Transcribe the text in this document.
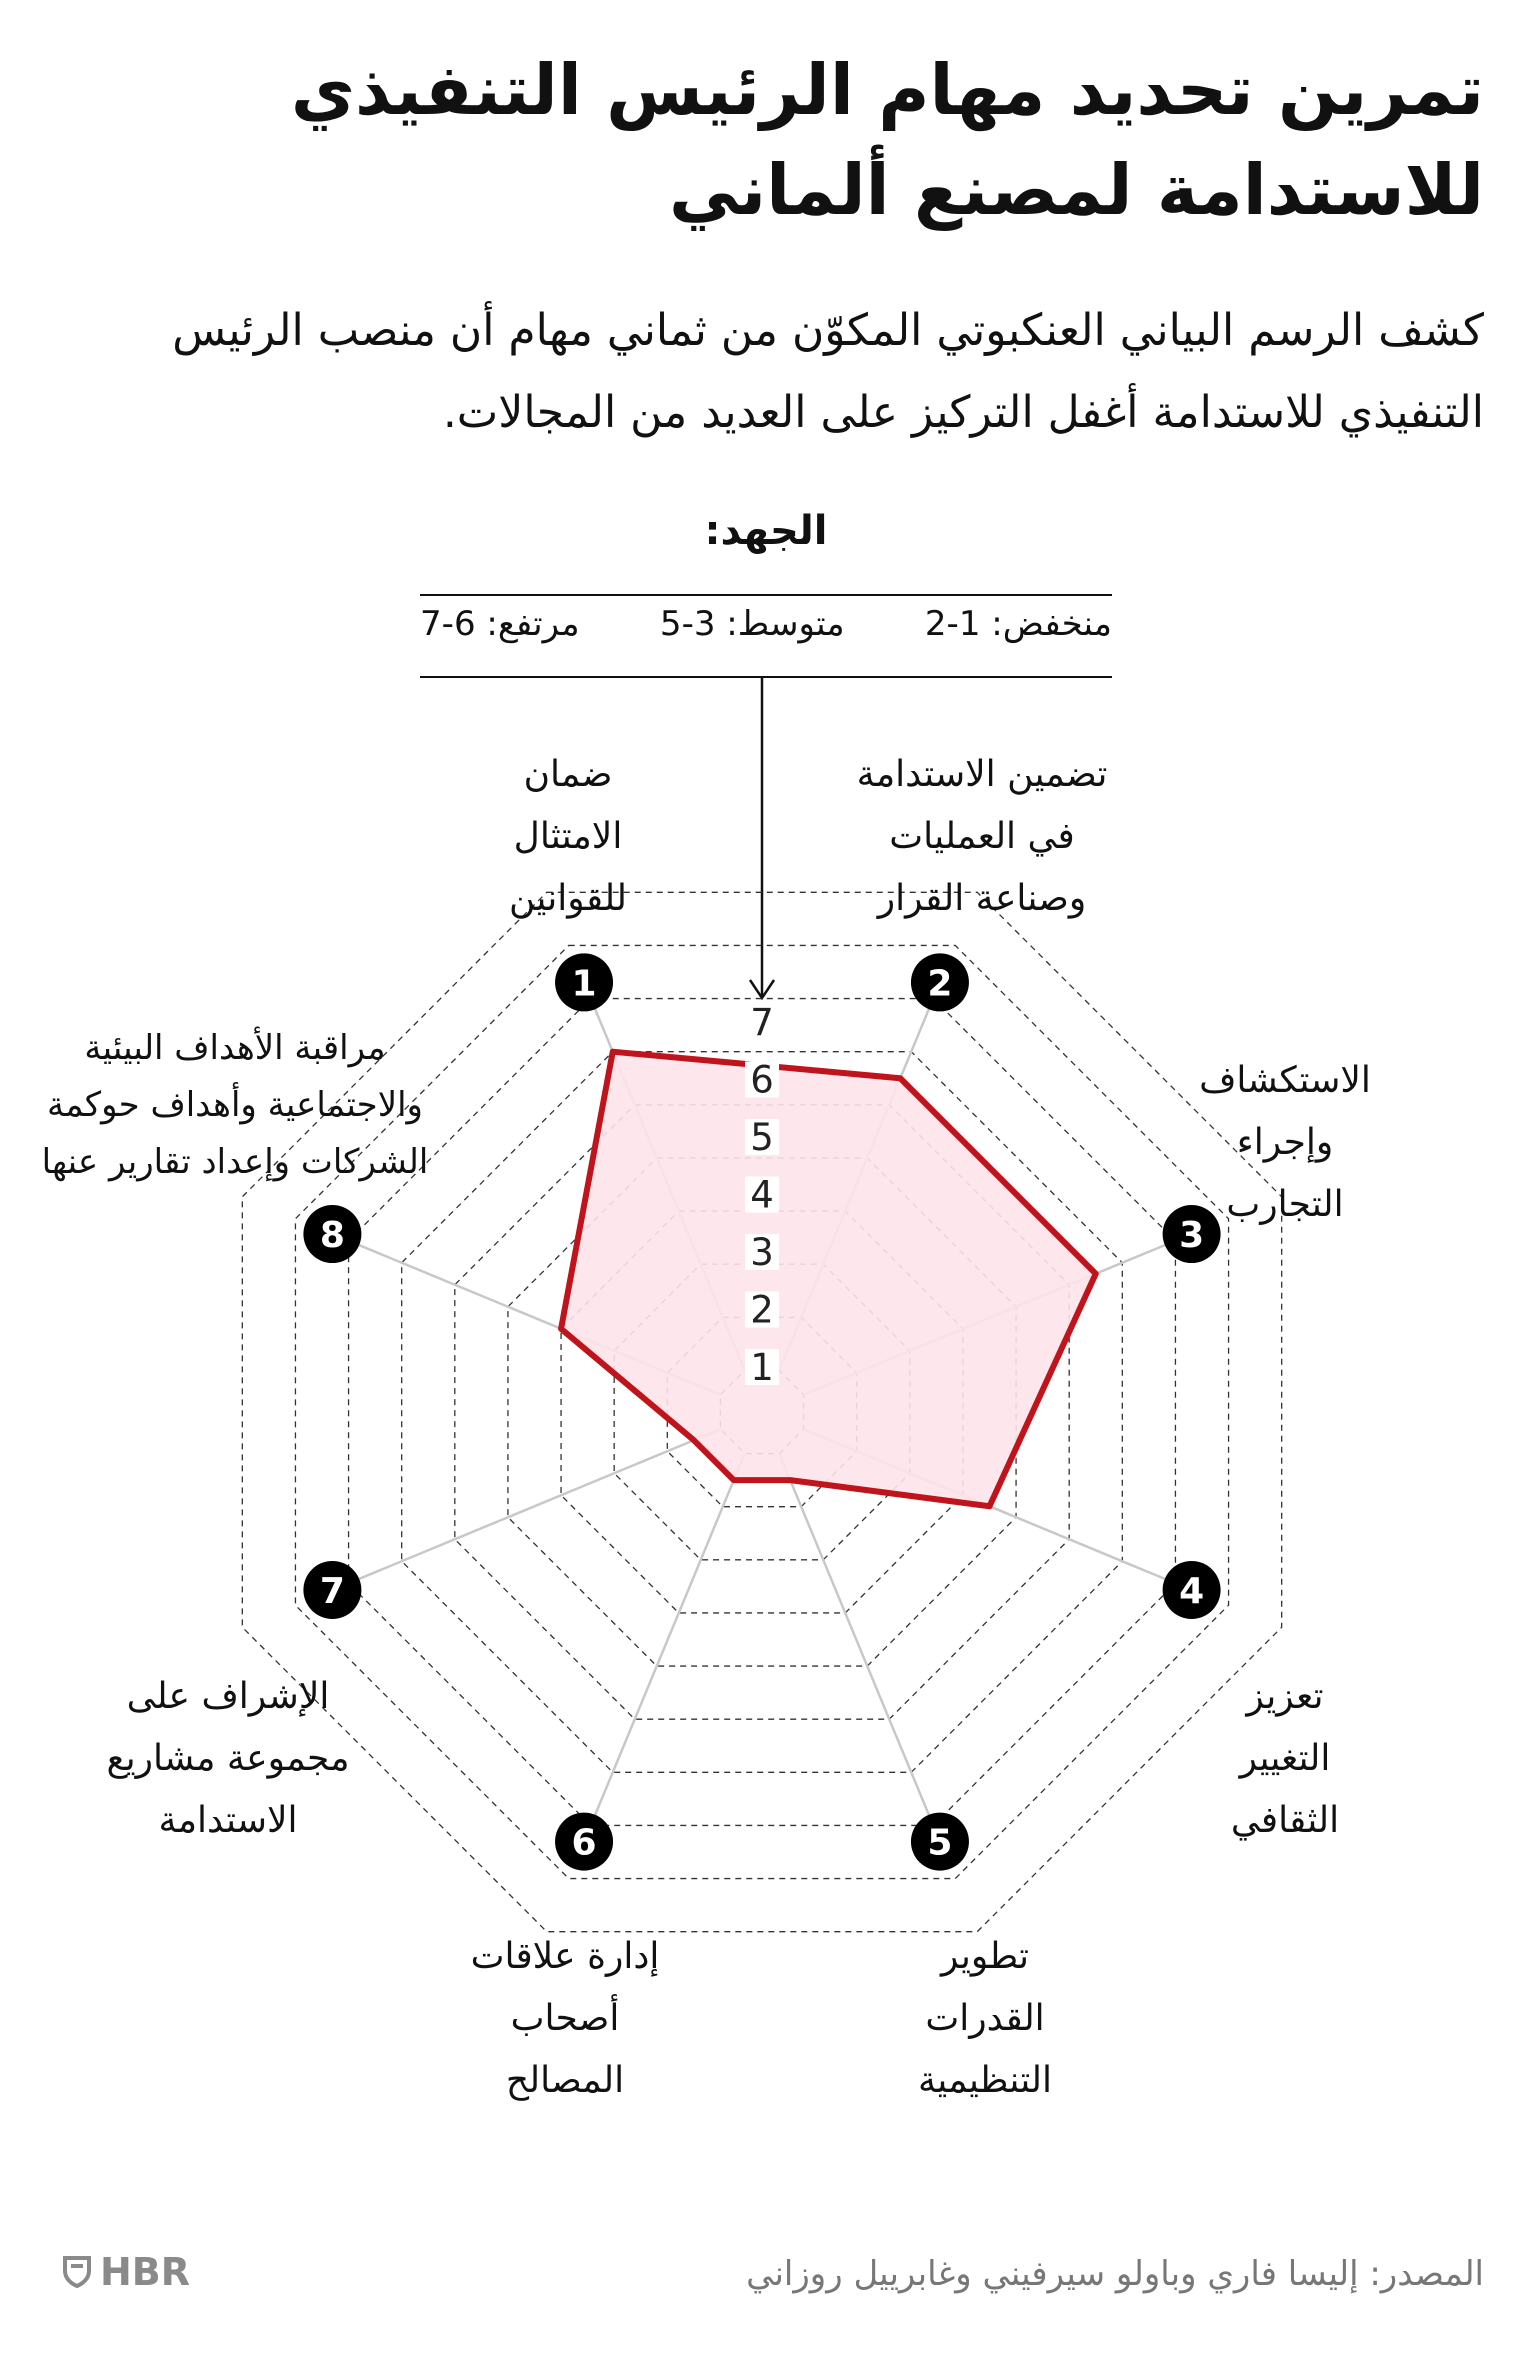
تمرين تحديد مهام الرئيس التنفيذي للاستدامة لمصنع ألماني

كشف الرسم البياني العنكبوتي المكوّن من ثماني مهام أن منصب الرئيس التنفيذي للاستدامة أغفل التركيز على العديد من المجالات.

الجهد:
منخفض: 1-2
متوسط: 3-5
مرتفع: 6-7
1
2
3
4
5
6
7
1	2
3
4
5
6
7
8
ضمان
الامتثال
للقوانين
مراقبة الأهداف البيئية
والاجتماعية وأهداف حوكمة
الشركات وإعداد تقارير عنها
الإشراف على
مجموعة مشاريع
الاستدامة
إدارة علاقات
أصحاب
المصالح
تطوير
القدرات
التنظيمية
تعزيز
التغيير
الثقافي
الاستكشاف
وإجراء
التجارب
تضمين الاستدامة
في العمليات
وصناعة القرار
المصدر: إليسا فاري وباولو سيرفيني وغابرييل روزاني
HBR
